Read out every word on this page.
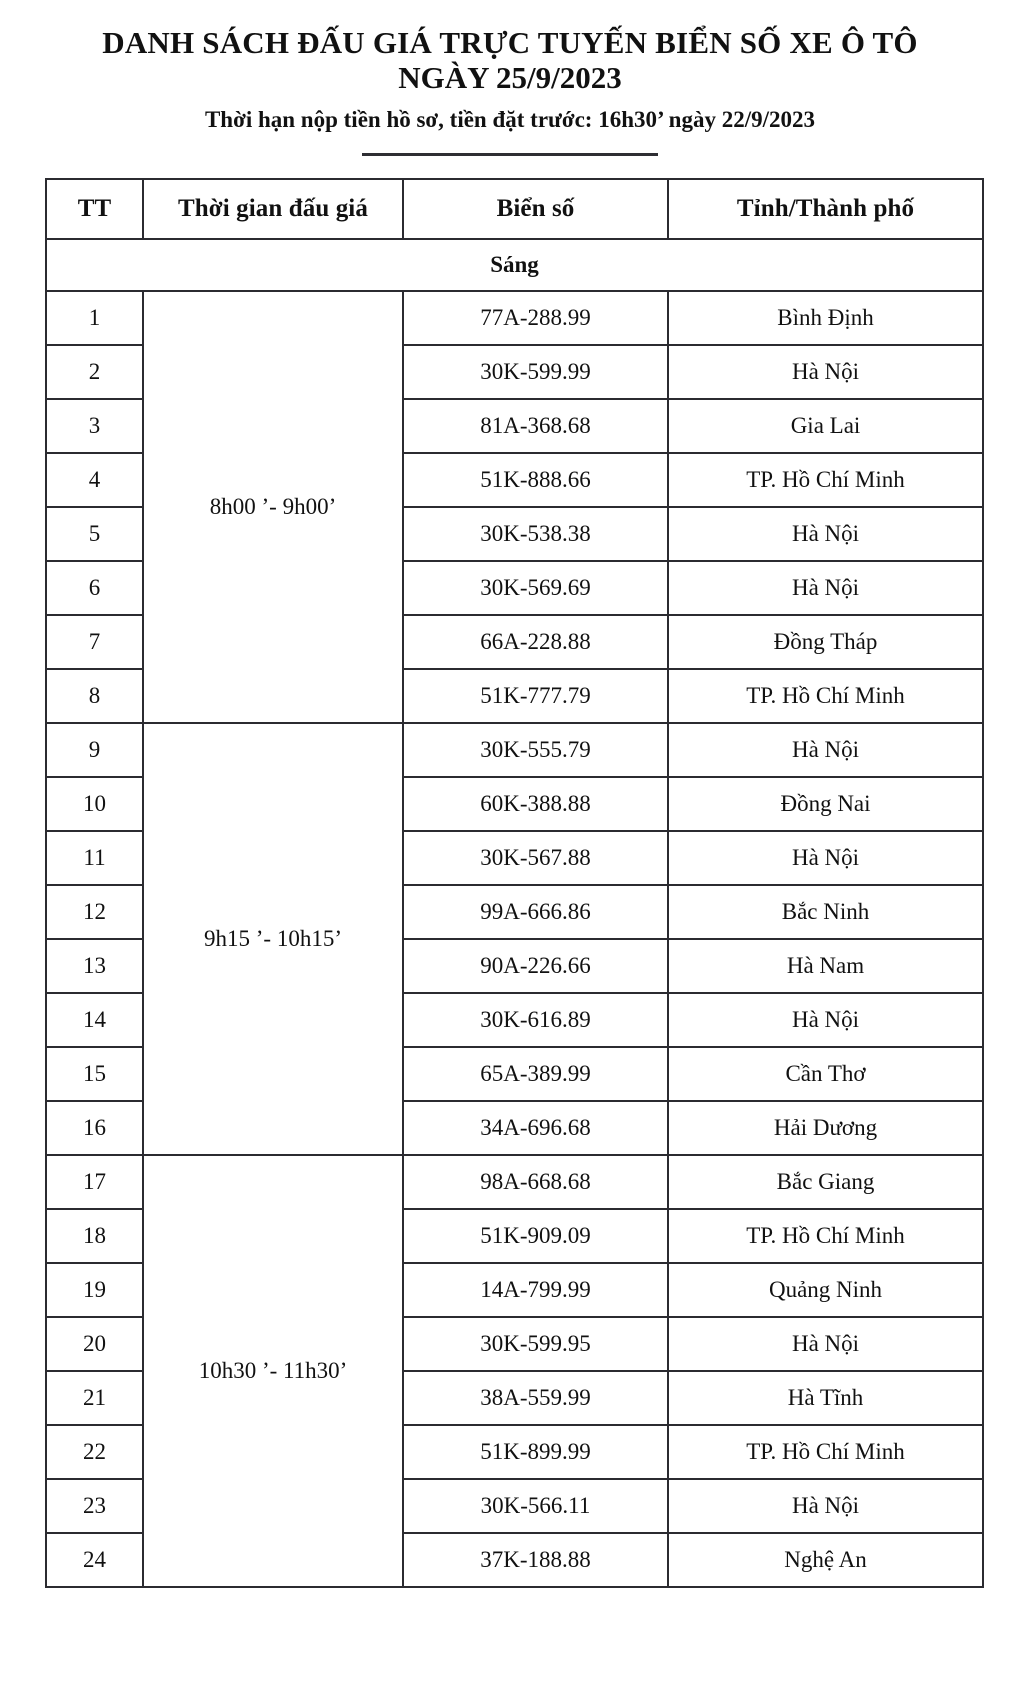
DANH SÁCH ĐẤU GIÁ TRỰC TUYẾN BIỂN SỐ XE Ô TÔ
NGÀY 25/9/2023
Thời hạn nộp tiền hồ sơ, tiền đặt trước: 16h30’ ngày 22/9/2023
TT	Thời gian đấu giá	Biển số	Tỉnh/Thành phố
Sáng			
1	8h00 ’- 9h00’	77A-288.99	Bình Định
2		30K-599.99	Hà Nội
3		81A-368.68	Gia Lai
4		51K-888.66	TP. Hồ Chí Minh
5		30K-538.38	Hà Nội
6		30K-569.69	Hà Nội
7		66A-228.88	Đồng Tháp
8		51K-777.79	TP. Hồ Chí Minh
9	9h15 ’- 10h15’	30K-555.79	Hà Nội
10		60K-388.88	Đồng Nai
11		30K-567.88	Hà Nội
12		99A-666.86	Bắc Ninh
13		90A-226.66	Hà Nam
14		30K-616.89	Hà Nội
15		65A-389.99	Cần Thơ
16		34A-696.68	Hải Dương
17	10h30 ’- 11h30’	98A-668.68	Bắc Giang
18		51K-909.09	TP. Hồ Chí Minh
19		14A-799.99	Quảng Ninh
20		30K-599.95	Hà Nội
21		38A-559.99	Hà Tĩnh
22		51K-899.99	TP. Hồ Chí Minh
23		30K-566.11	Hà Nội
24		37K-188.88	Nghệ An
